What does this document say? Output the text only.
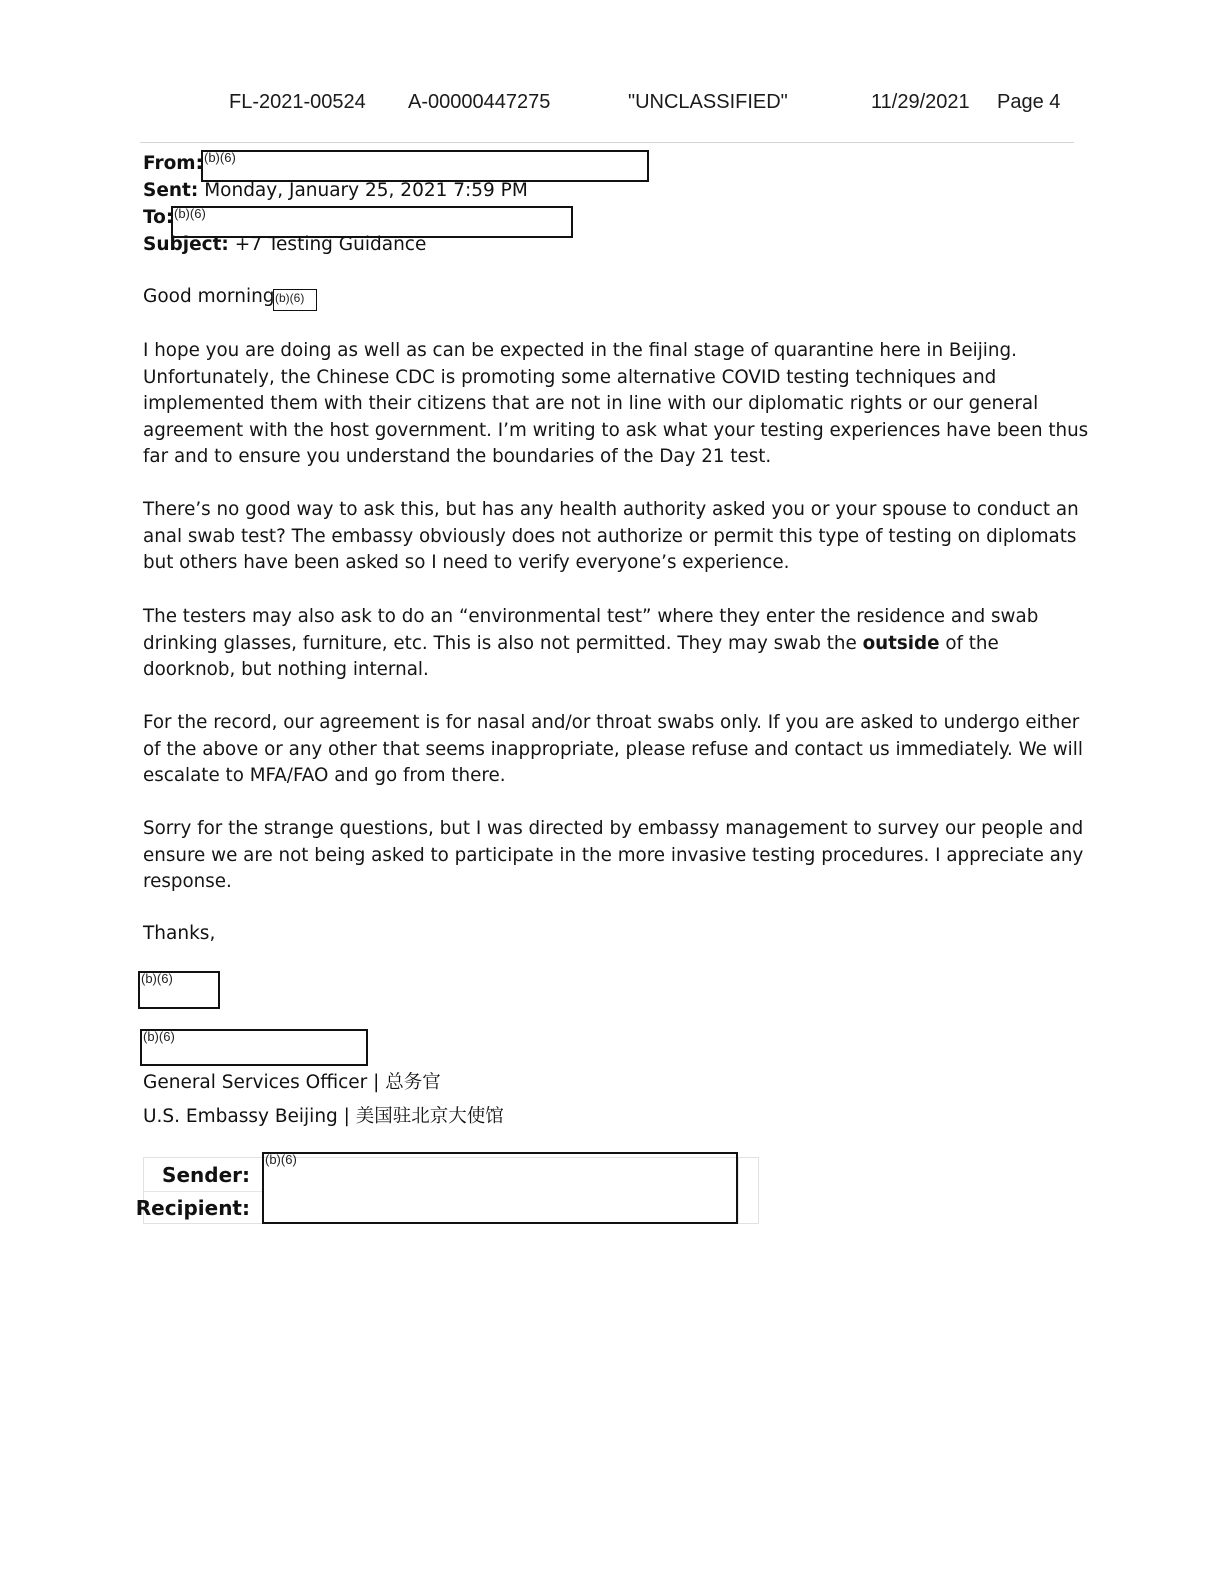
FL-2021-00524 A-00000447275	"UNCLASSIFIED"	11/29/2021 Page 4
From: (b)(6)
Sent: Monday, January 25, 2021 7:59 PM
To: (b)(6)
Subject: +7 Testing Guidance
Good morning (b)(6)
I hope you are doing as well as can be expected in the final stage of quarantine here in Beijing.
Unfortunately, the Chinese CDC is promoting some alternative COVID testing techniques and
implemented them with their citizens that are not in line with our diplomatic rights or our general
agreement with the host government. I’m writing to ask what your testing experiences have been thus
far and to ensure you understand the boundaries of the Day 21 test.
There’s no good way to ask this, but has any health authority asked you or your spouse to conduct an
anal swab test? The embassy obviously does not authorize or permit this type of testing on diplomats
but others have been asked so I need to verify everyone’s experience.
The testers may also ask to do an “environmental test” where they enter the residence and swab
drinking glasses, furniture, etc. This is also not permitted. They may swab the outside of the
doorknob, but nothing internal.
For the record, our agreement is for nasal and/or throat swabs only. If you are asked to undergo either
of the above or any other that seems inappropriate, please refuse and contact us immediately. We will
escalate to MFA/FAO and go from there.
Sorry for the strange questions, but I was directed by embassy management to survey our people and
ensure we are not being asked to participate in the more invasive testing procedures. I appreciate any
response.
Thanks,
(b)(6)
(b)(6)
General Services Officer | 总务官
U.S. Embassy Beijing | 美国驻北京大使馆
Sender:
Recipient:
(b)(6)
